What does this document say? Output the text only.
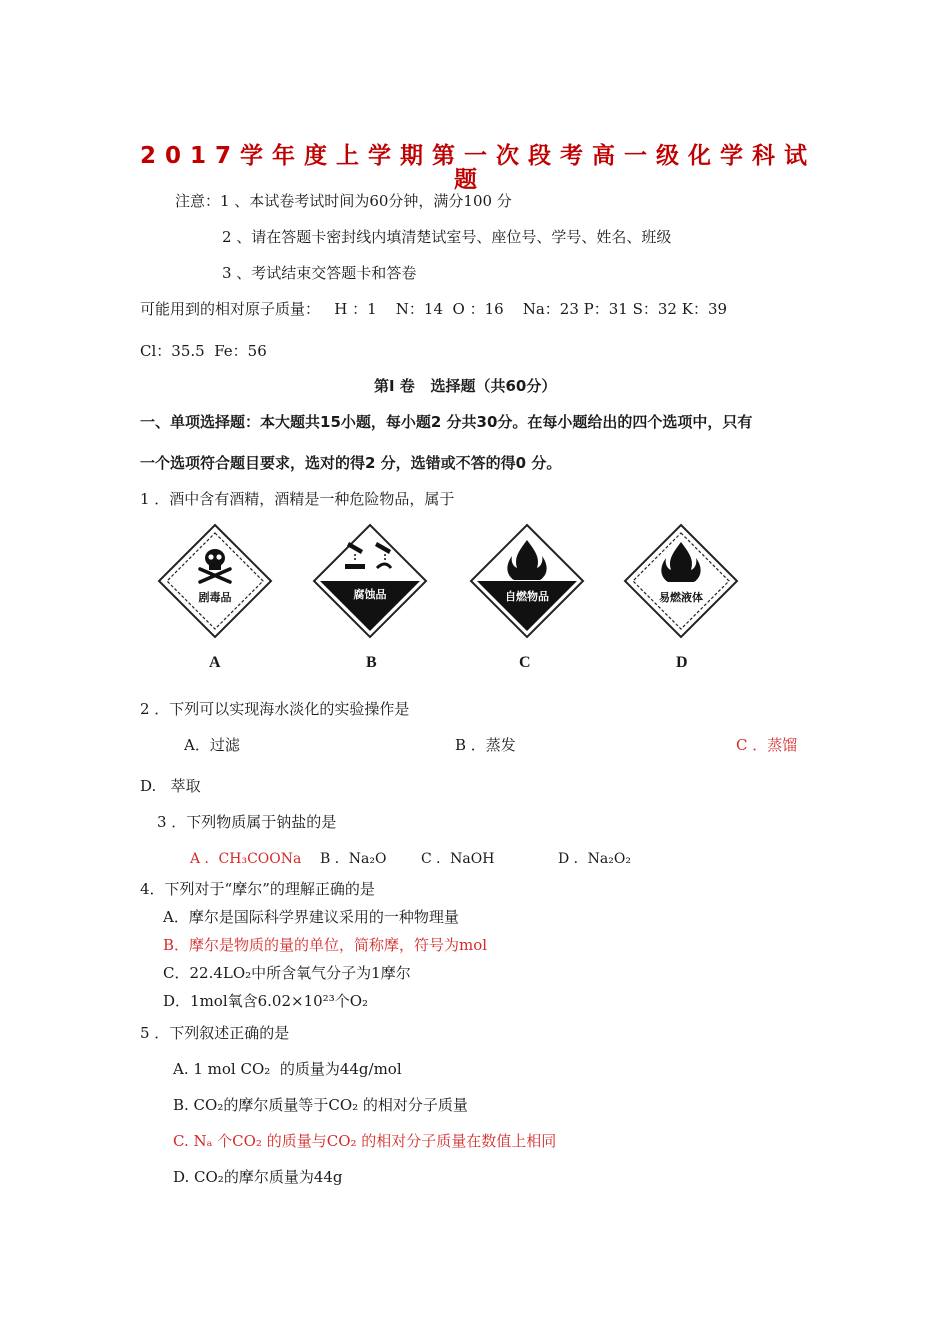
2017学年度上学期第一次段考高一级化学科试
题
注意：1 、本试卷考试时间为60分钟，满分100 分
2 、请在答题卡密封线内填清楚试室号、座位号、学号、姓名、班级
3 、考试结束交答题卡和答卷
可能用到的相对原子质量：   H ：1    N：14  O ：16    Na：23 P：31 S：32 K：39
Cl：35.5  Fe：56
第I 卷   选择题（共60分）
一、单项选择题：本大题共15小题，每小题2 分共30分。在每小题给出的四个选项中，只有
一个选项符合题目要求，选对的得2 分，选错或不答的得0 分。
1 ．酒中含有酒精，酒精是一种危险物品，属于
剧毒品	腐蚀品	自燃物品	易燃液体
A	B	C	D
2 ．下列可以实现海水淡化的实验操作是
A．过滤	B ．蒸发	C ．蒸馏
D.   萃取
3 ．下列物质属于钠盐的是
A ．CH₃COONa B ．Na₂O C ．NaOH	D ．Na₂O₂
4．下列对于“摩尔”的理解正确的是
A．摩尔是国际科学界建议采用的一种物理量
B．摩尔是物质的量的单位，简称摩，符号为mol
C．22.4LO₂中所含氧气分子为1摩尔
D．1mol氧含6.02×10²³个O₂
5 ．下列叙述正确的是
A. 1 mol CO₂  的质量为44g/mol
B. CO₂的摩尔质量等于CO₂ 的相对分子质量
C. Nₐ 个CO₂ 的质量与CO₂ 的相对分子质量在数值上相同
D. CO₂的摩尔质量为44g
